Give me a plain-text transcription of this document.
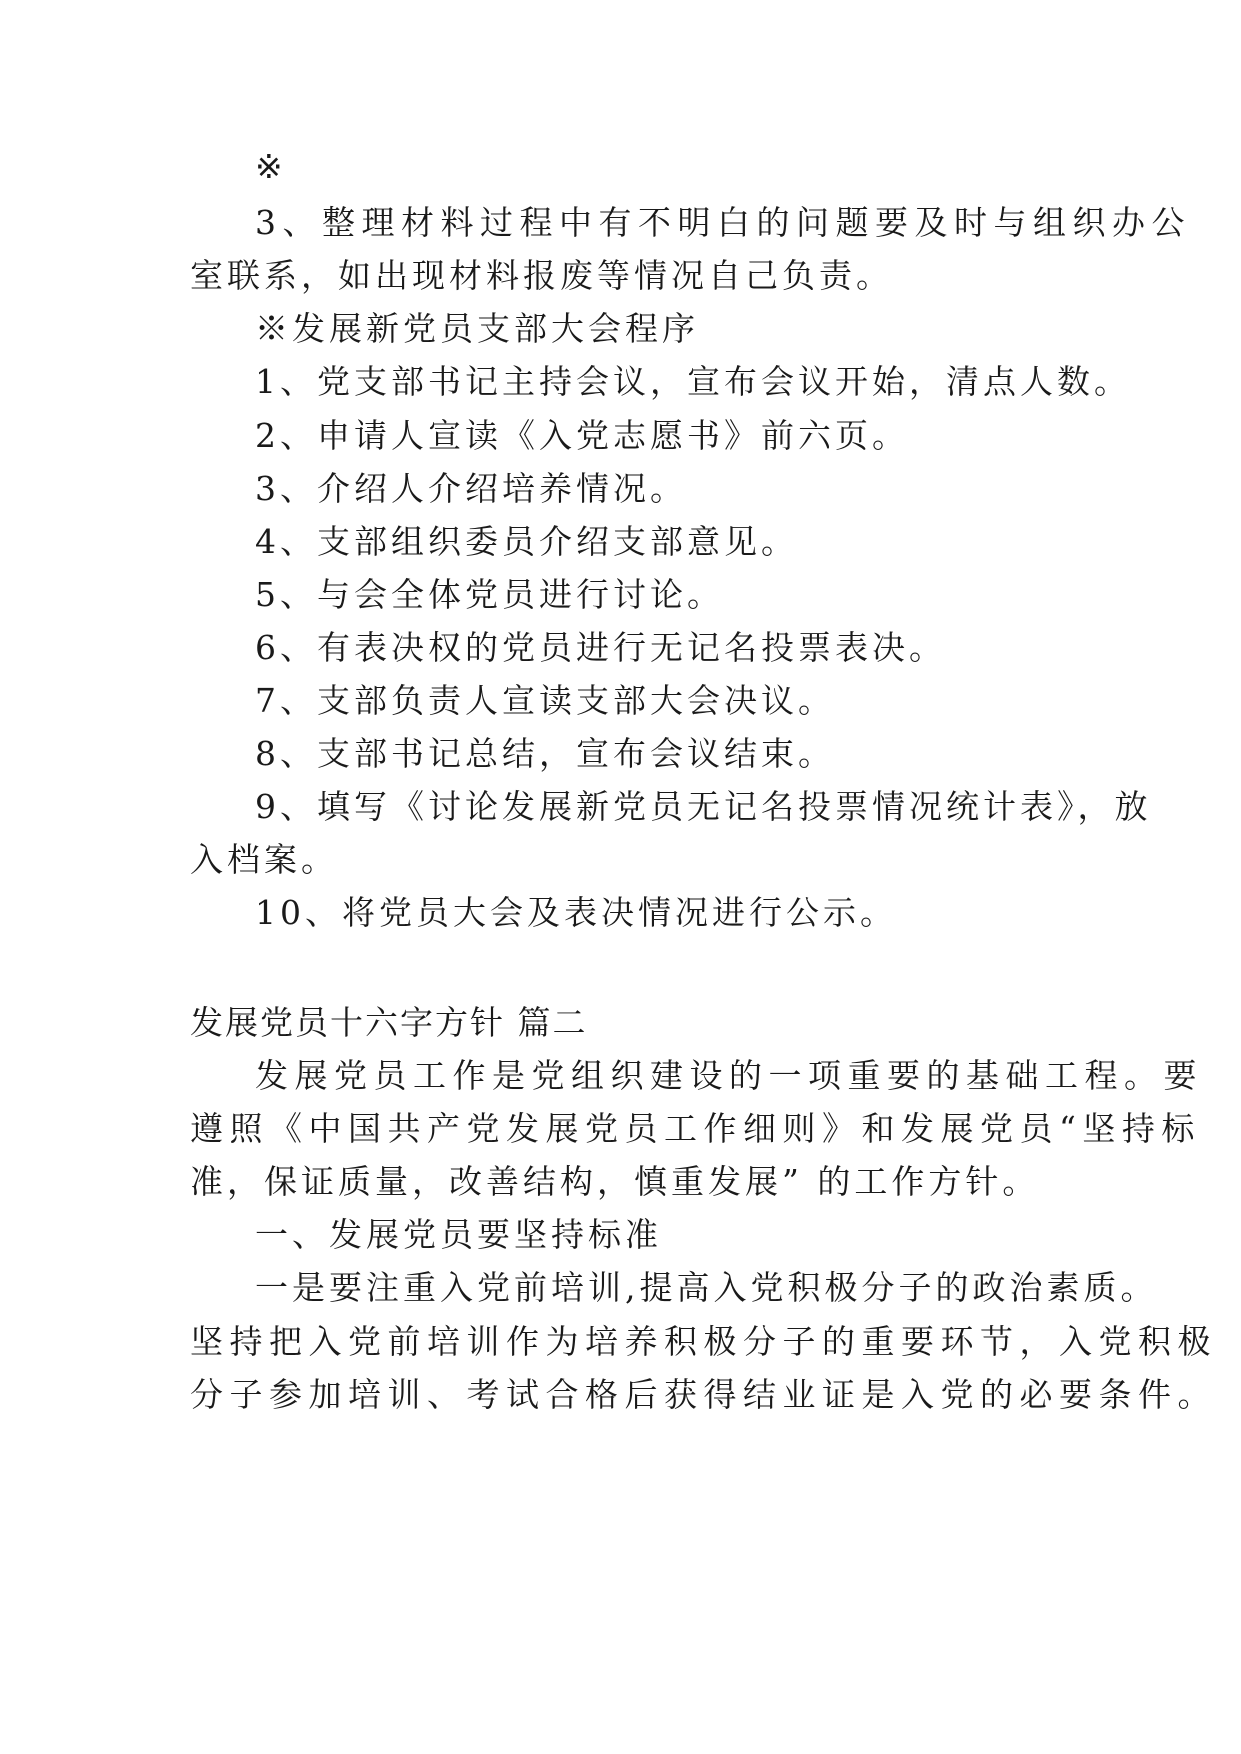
※
3、整理材料过程中有不明白的问题要及时与组织办公
室联系，如出现材料报废等情况自己负责。
※发展新党员支部大会程序
1、党支部书记主持会议，宣布会议开始，清点人数。
2、申请人宣读《入党志愿书》前六页。
3、介绍人介绍培养情况。
4、支部组织委员介绍支部意见。
5、与会全体党员进行讨论。
6、有表决权的党员进行无记名投票表决。
7、支部负责人宣读支部大会决议。
8、支部书记总结，宣布会议结束。
9、填写《讨论发展新党员无记名投票情况统计表》，放
入档案。
10、将党员大会及表决情况进行公示。
发展党员十六字方针 篇二
发展党员工作是党组织建设的一项重要的基础工程。要
遵照《中国共产党发展党员工作细则》和发展党员“坚持标
准，保证质量，改善结构，慎重发展” 的工作方针。
一、发展党员要坚持标准
一是要注重入党前培训,提高入党积极分子的政治素质。
坚持把入党前培训作为培养积极分子的重要环节，入党积极
分子参加培训、考试合格后获得结业证是入党的必要条件。
